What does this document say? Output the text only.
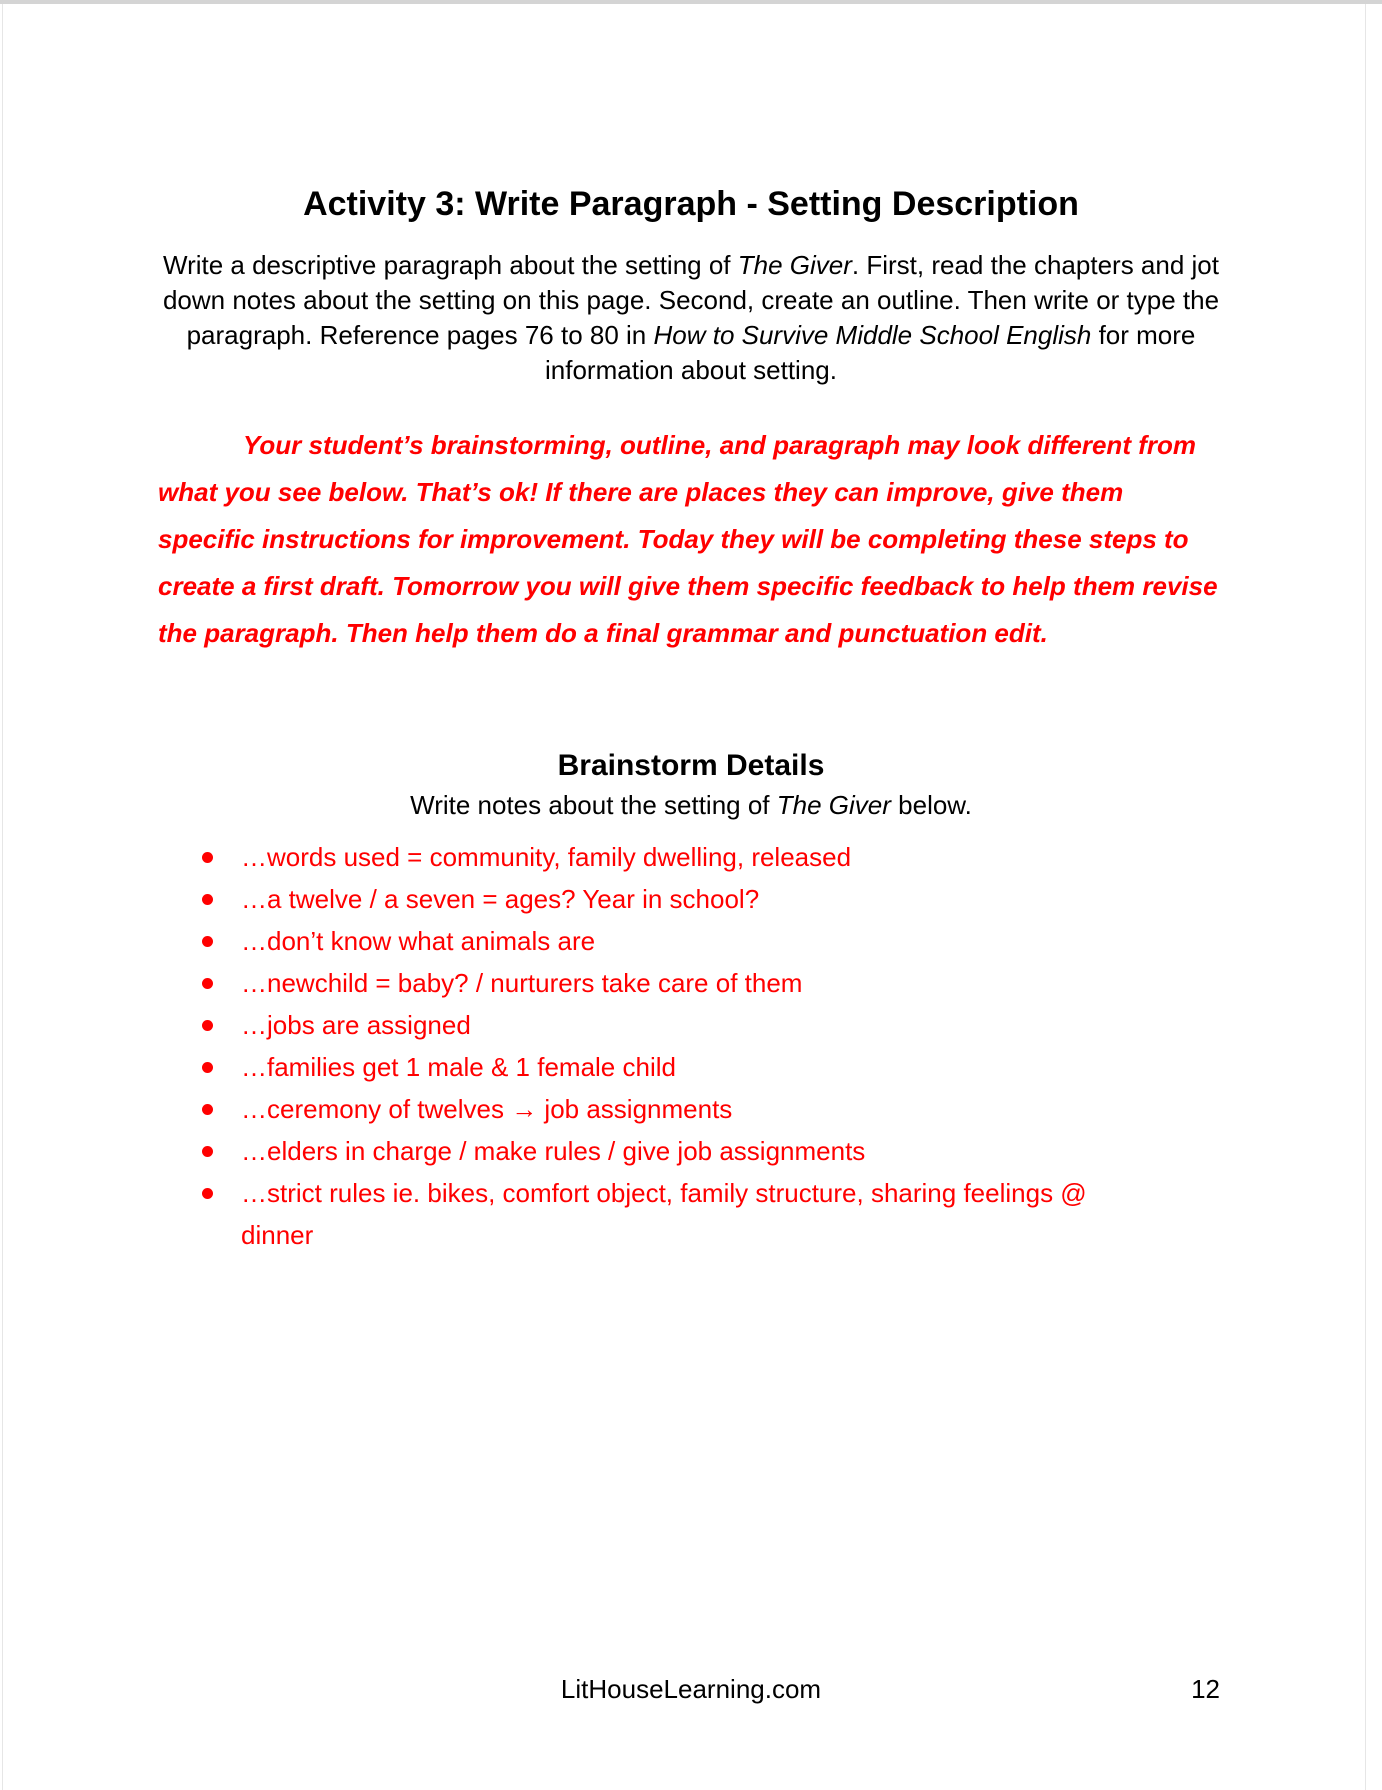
Activity 3: Write Paragraph - Setting Description

Write a descriptive paragraph about the setting of The Giver. First, read the chapters and jot down notes about the setting on this page. Second, create an outline. Then write or type the paragraph. Reference pages 76 to 80 in How to Survive Middle School English for more information about setting.

Your student’s brainstorming, outline, and paragraph may look different from what you see below. That’s ok! If there are places they can improve, give them specific instructions for improvement. Today they will be completing these steps to create a first draft. Tomorrow you will give them specific feedback to help them revise the paragraph. Then help them do a final grammar and punctuation edit.

Brainstorm Details

Write notes about the setting of The Giver below.

…words used = community, family dwelling, released
…a twelve / a seven = ages? Year in school?
…don’t know what animals are
…newchild = baby? / nurturers take care of them
…jobs are assigned
…families get 1 male & 1 female child
…ceremony of twelves → job assignments
…elders in charge / make rules / give job assignments
…strict rules ie. bikes, comfort object, family structure, sharing feelings @ dinner
LitHouseLearning.com	12
